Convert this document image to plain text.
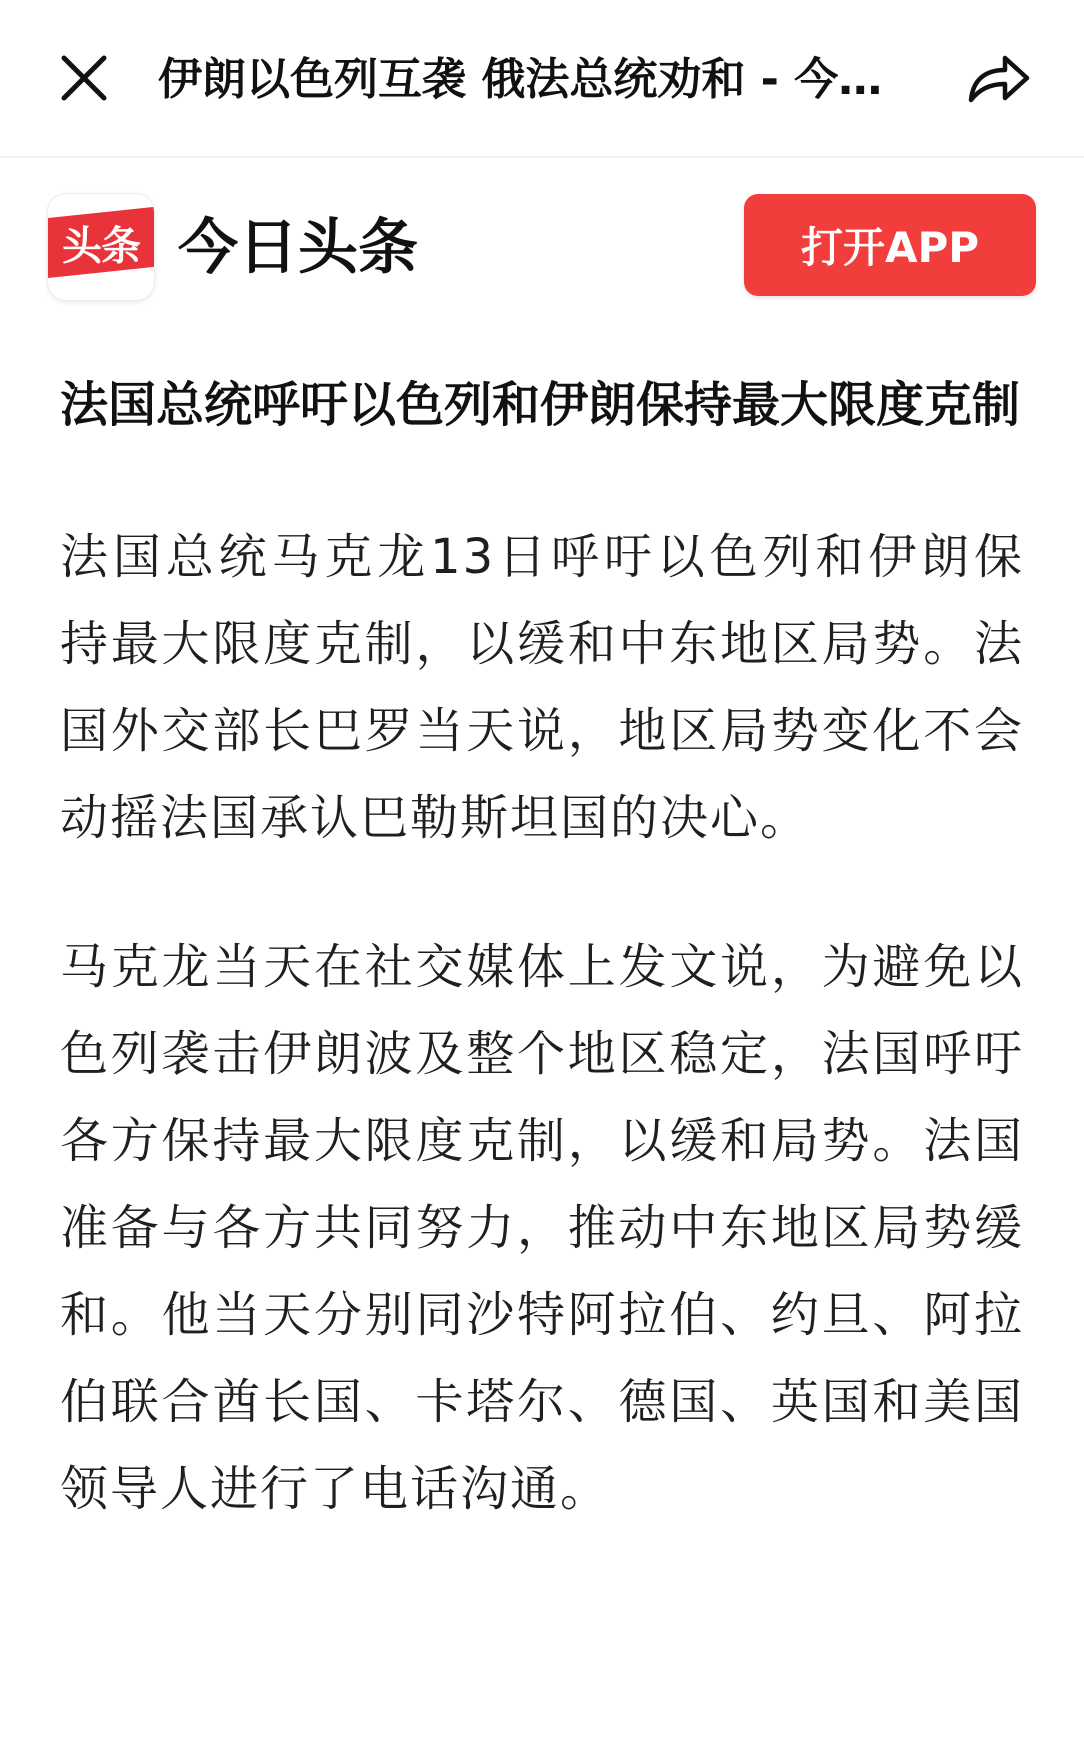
伊朗以色列互袭 俄法总统劝和 - 今…
头条 今日头条	打开APP
法国总统呼吁以色列和伊朗保持最大限度克制

法国总统马克龙13日呼吁以色列和伊朗保持最大限度克制，以缓和中东地区局势。法国外交部长巴罗当天说，地区局势变化不会动摇法国承认巴勒斯坦国的决心。

马克龙当天在社交媒体上发文说，为避免以色列袭击伊朗波及整个地区稳定，法国呼吁各方保持最大限度克制，以缓和局势。法国准备与各方共同努力，推动中东地区局势缓和。他当天分别同沙特阿拉伯、约旦、阿拉伯联合酋长国、卡塔尔、德国、英国和美国领导人进行了电话沟通。
